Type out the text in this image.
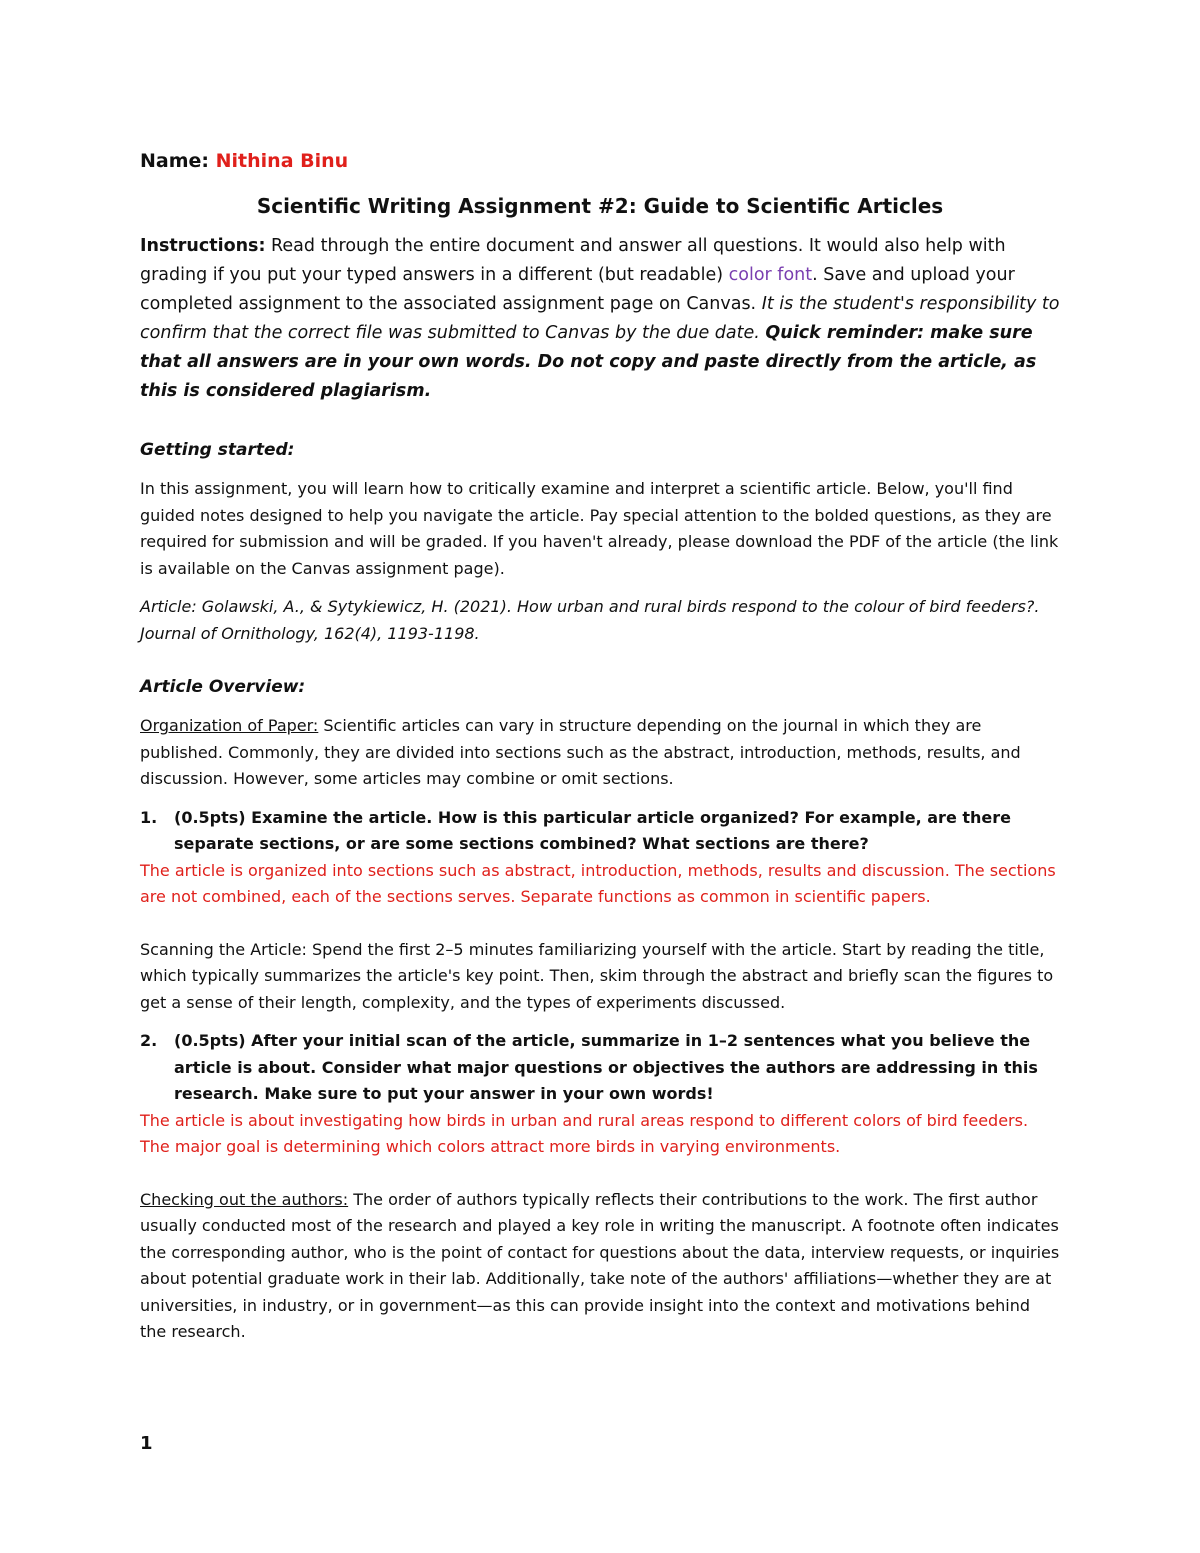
Name: Nithina Binu

Scientific Writing Assignment #2: Guide to Scientific Articles

Instructions: Read through the entire document and answer all questions. It would also help with grading if you put your typed answers in a different (but readable) color font. Save and upload your completed assignment to the associated assignment page on Canvas. It is the student's responsibility to confirm that the correct file was submitted to Canvas by the due date. Quick reminder: make sure that all answers are in your own words. Do not copy and paste directly from the article, as this is considered plagiarism.

Getting started:

In this assignment, you will learn how to critically examine and interpret a scientific article. Below, you'll find guided notes designed to help you navigate the article. Pay special attention to the bolded questions, as they are required for submission and will be graded. If you haven't already, please download the PDF of the article (the link is available on the Canvas assignment page).

Article: Golawski, A., & Sytykiewicz, H. (2021). How urban and rural birds respond to the colour of bird feeders?. Journal of Ornithology, 162(4), 1193-1198.

Article Overview:

Organization of Paper: Scientific articles can vary in structure depending on the journal in which they are published. Commonly, they are divided into sections such as the abstract, introduction, methods, results, and discussion. However, some articles may combine or omit sections.

1.	(0.5pts) Examine the article. How is this particular article organized? For example, are there separate sections, or are some sections combined? What sections are there?

The article is organized into sections such as abstract, introduction, methods, results and discussion. The sections are not combined, each of the sections serves. Separate functions as common in scientific papers.

Scanning the Article: Spend the first 2–5 minutes familiarizing yourself with the article. Start by reading the title, which typically summarizes the article's key point. Then, skim through the abstract and briefly scan the figures to get a sense of their length, complexity, and the types of experiments discussed.

2.	(0.5pts) After your initial scan of the article, summarize in 1–2 sentences what you believe the article is about. Consider what major questions or objectives the authors are addressing in this research. Make sure to put your answer in your own words!

The article is about investigating how birds in urban and rural areas respond to different colors of bird feeders. The major goal is determining which colors attract more birds in varying environments.

Checking out the authors: The order of authors typically reflects their contributions to the work. The first author usually conducted most of the research and played a key role in writing the manuscript. A footnote often indicates the corresponding author, who is the point of contact for questions about the data, interview requests, or inquiries about potential graduate work in their lab. Additionally, take note of the authors' affiliations—whether they are at universities, in industry, or in government—as this can provide insight into the context and motivations behind the research.

1
